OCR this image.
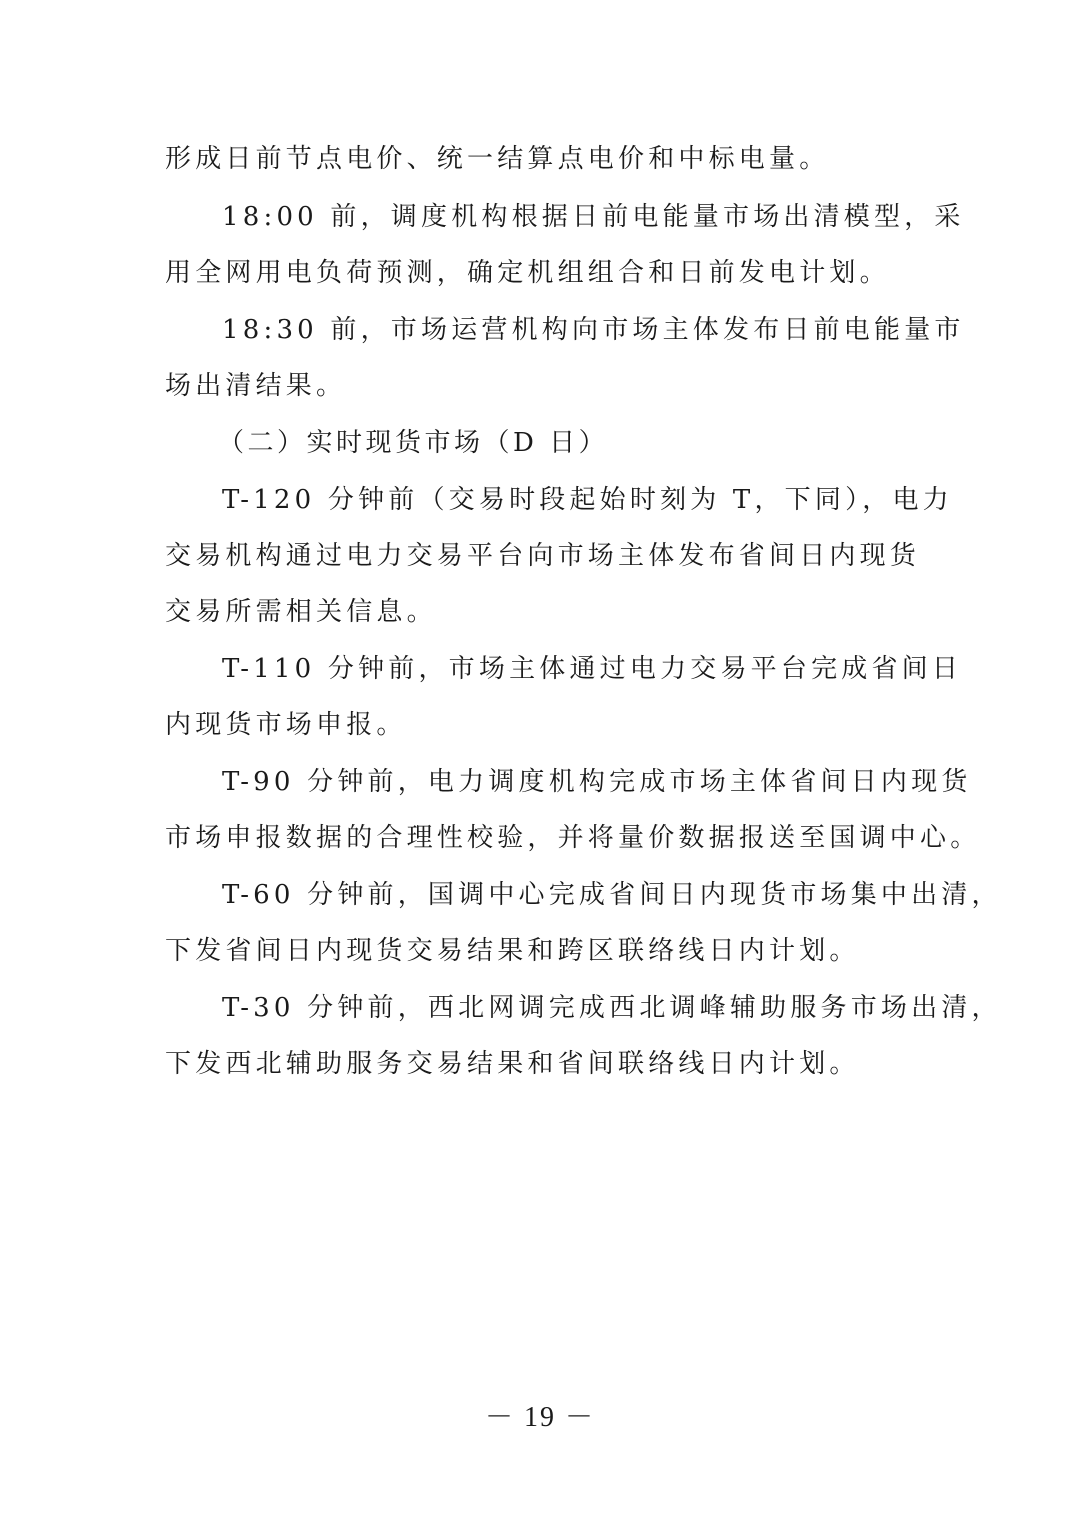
形成日前节点电价、统一结算点电价和中标电量。
18:00 前，调度机构根据日前电能量市场出清模型，采
用全网用电负荷预测，确定机组组合和日前发电计划。
18:30 前，市场运营机构向市场主体发布日前电能量市
场出清结果。
（二）实时现货市场（D 日）
T-120 分钟前（交易时段起始时刻为 T，下同），电力
交易机构通过电力交易平台向市场主体发布省间日内现货
交易所需相关信息。
T-110 分钟前，市场主体通过电力交易平台完成省间日
内现货市场申报。
T-90 分钟前，电力调度机构完成市场主体省间日内现货
市场申报数据的合理性校验，并将量价数据报送至国调中心。
T-60 分钟前，国调中心完成省间日内现货市场集中出清，
下发省间日内现货交易结果和跨区联络线日内计划。
T-30 分钟前，西北网调完成西北调峰辅助服务市场出清，
下发西北辅助服务交易结果和省间联络线日内计划。
－ 19 －
